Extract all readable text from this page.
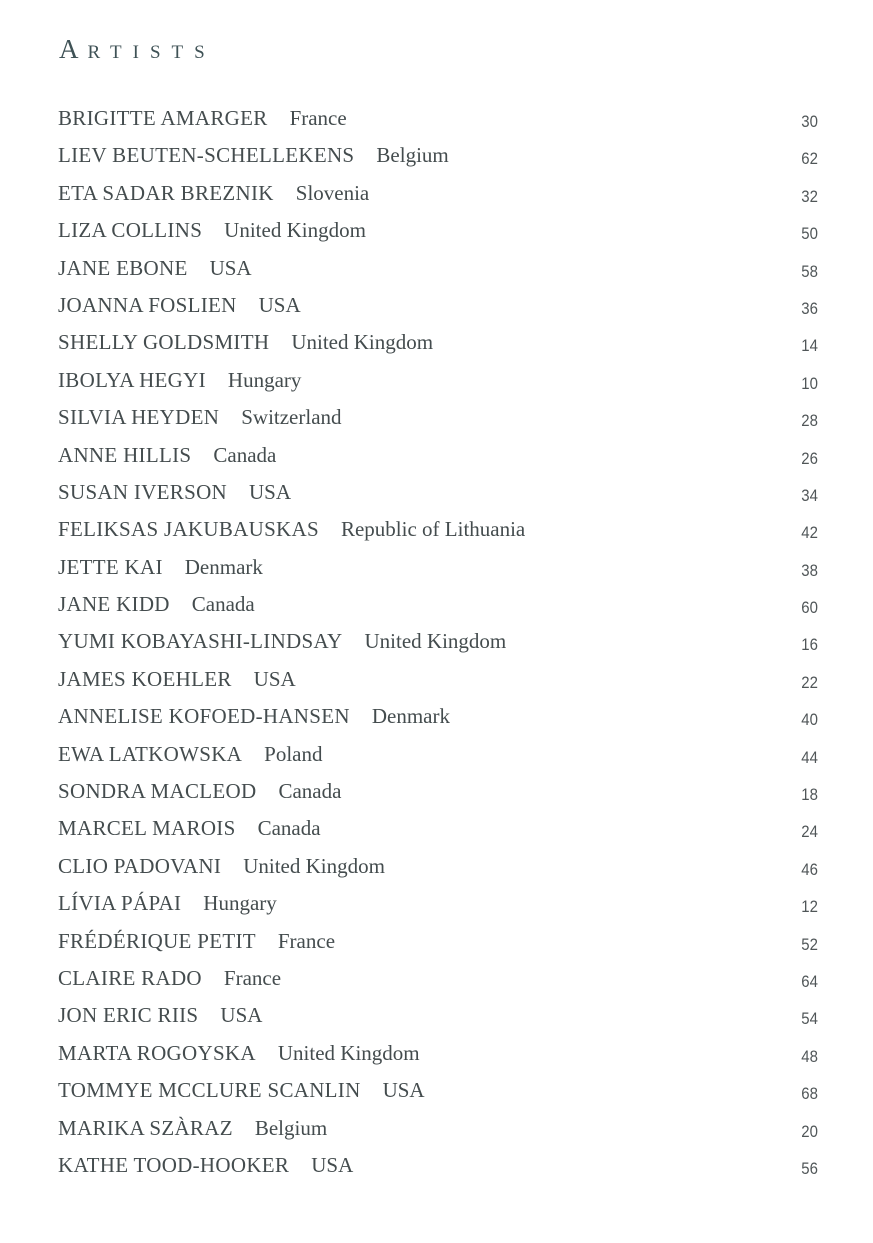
ARTISTS
BRIGITTE AMARGER France	30
LIEV BEUTEN-SCHELLEKENS Belgium	62
ETA SADAR BREZNIK Slovenia	32
LIZA COLLINS United Kingdom	50
JANE EBONE USA	58
JOANNA FOSLIEN USA	36
SHELLY GOLDSMITH United Kingdom	14
IBOLYA HEGYI Hungary	10
SILVIA HEYDEN Switzerland	28
ANNE HILLIS Canada	26
SUSAN IVERSON USA	34
FELIKSAS JAKUBAUSKAS Republic of Lithuania	42
JETTE KAI Denmark	38
JANE KIDD Canada	60
YUMI KOBAYASHI-LINDSAY United Kingdom	16
JAMES KOEHLER USA	22
ANNELISE KOFOED-HANSEN Denmark	40
EWA LATKOWSKA Poland	44
SONDRA MACLEOD Canada	18
MARCEL MAROIS Canada	24
CLIO PADOVANI United Kingdom	46
LÍVIA PÁPAI Hungary	12
FRÉDÉRIQUE PETIT France	52
CLAIRE RADO France	64
JON ERIC RIIS USA	54
MARTA ROGOYSKA United Kingdom	48
TOMMYE MCCLURE SCANLIN USA	68
MARIKA SZÀRAZ Belgium	20
KATHE TOOD-HOOKER USA	56
